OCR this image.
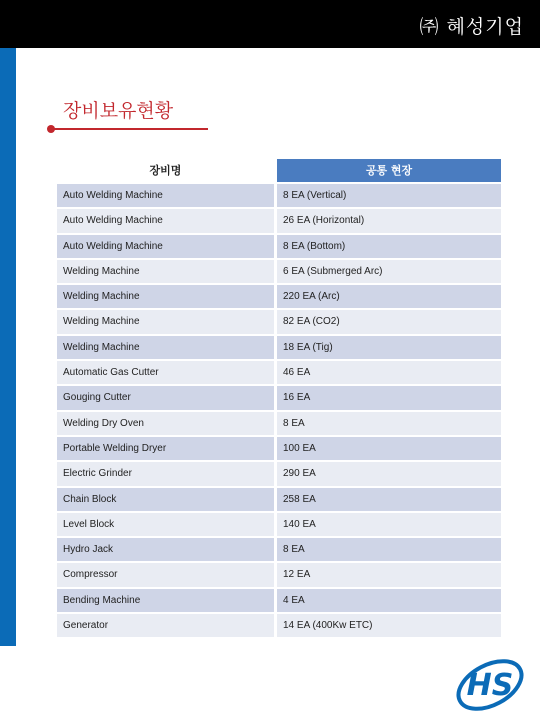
㈜ 혜성기업
장비보유현황
장비명	공통 현장
Auto Welding Machine	8 EA (Vertical)
Auto Welding Machine	26 EA (Horizontal)
Auto Welding Machine	8 EA (Bottom)
Welding Machine	6 EA (Submerged Arc)
Welding Machine	220 EA (Arc)
Welding Machine	82 EA (CO2)
Welding Machine	18 EA (Tig)
Automatic Gas Cutter	46 EA
Gouging Cutter	16 EA
Welding Dry Oven	8 EA
Portable Welding Dryer	100 EA
Electric Grinder	290 EA
Chain Block	258 EA
Level Block	140 EA
Hydro Jack	8 EA
Compressor	12 EA
Bending Machine	4 EA
Generator	14 EA (400Kw ETC)
HS
